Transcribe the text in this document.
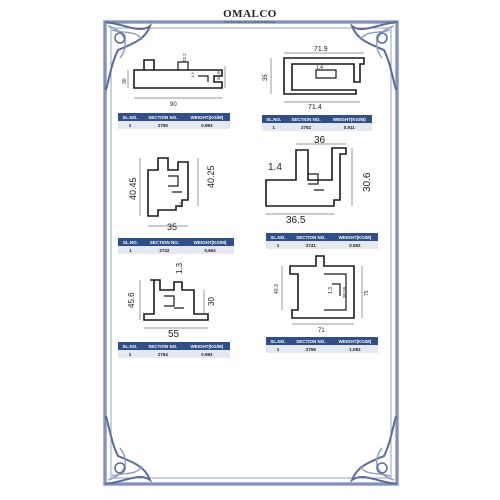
OMALCO
AN ISO 9001:2015 CERTIFIED CO.
90
30
22.2
1.3	34.8
SL.NO.	SECTION NO.	WEIGHT(KG/M)
1	2750	0.993
71.9
35
1.4
71.4
SL.NO.	SECTION NO.	WEIGHT(KG/M)
1	2752	0.911
40.45
40.25
1.3
35
SL.NO.	SECTION NO.	WEIGHT(KG/M)
1	2742	0.663
36
1.4
30.6
36.5
SL.NO.	SECTION NO.	WEIGHT(KG/M)
1	2741	0.592
1.3
45.6	30
55
SL.NO.	SECTION NO.	WEIGHT(KG/M)
1	2754	0.993
40.3	1.3 30.55	75
71
SL.NO.	SECTION NO.	WEIGHT(KG/M)
1	2756	1.083
